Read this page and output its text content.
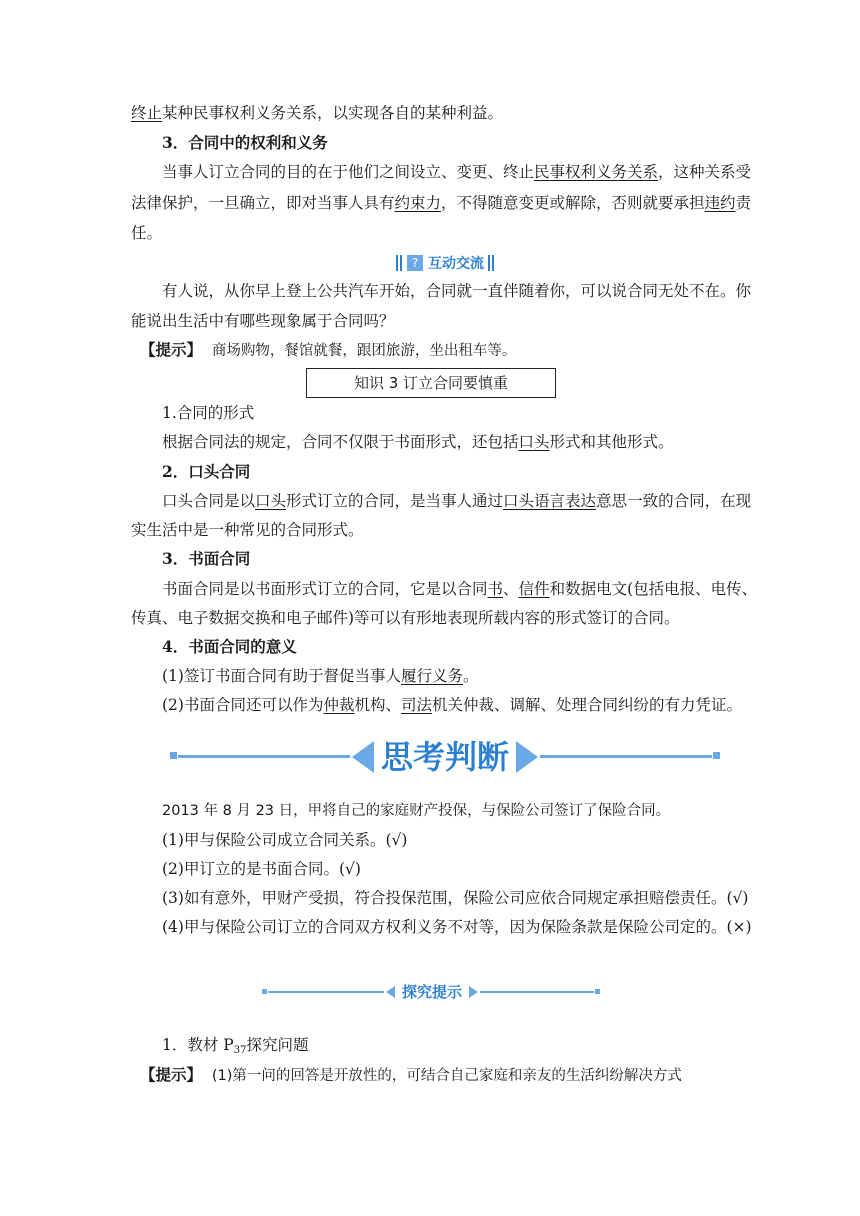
终止某种民事权利义务关系，以实现各自的某种利益。
3．合同中的权利和义务
当事人订立合同的目的在于他们之间设立、变更、终止民事权利义务关系，这种关系受
法律保护，一旦确立，即对当事人具有约束力，不得随意变更或解除，否则就要承担违约责
任。
? 互动交流
有人说，从你早上登上公共汽车开始，合同就一直伴随着你，可以说合同无处不在。你
能说出生活中有哪些现象属于合同吗？
【提示】 商场购物，餐馆就餐，跟团旅游，坐出租车等。
知识 3 订立合同要慎重
1.合同的形式
根据合同法的规定，合同不仅限于书面形式，还包括口头形式和其他形式。
2．口头合同
口头合同是以口头形式订立的合同，是当事人通过口头语言表达意思一致的合同，在现
实生活中是一种常见的合同形式。
3．书面合同
书面合同是以书面形式订立的合同，它是以合同书、信件和数据电文(包括电报、电传、
传真、电子数据交换和电子邮件)等可以有形地表现所载内容的形式签订的合同。
4．书面合同的意义
(1)签订书面合同有助于督促当事人履行义务。
(2)书面合同还可以作为仲裁机构、司法机关仲裁、调解、处理合同纠纷的有力凭证。
思考判断
2013 年 8 月 23 日，甲将自己的家庭财产投保，与保险公司签订了保险合同。
(1)甲与保险公司成立合同关系。(√)
(2)甲订立的是书面合同。(√)
(3)如有意外，甲财产受损，符合投保范围，保险公司应依合同规定承担赔偿责任。(√)
(4)甲与保险公司订立的合同双方权利义务不对等，因为保险条款是保险公司定的。(×)
探究提示
1．教材 $P_{37}$探究问题
【提示】 (1)第一问的回答是开放性的，可结合自己家庭和亲友的生活纠纷解决方式
